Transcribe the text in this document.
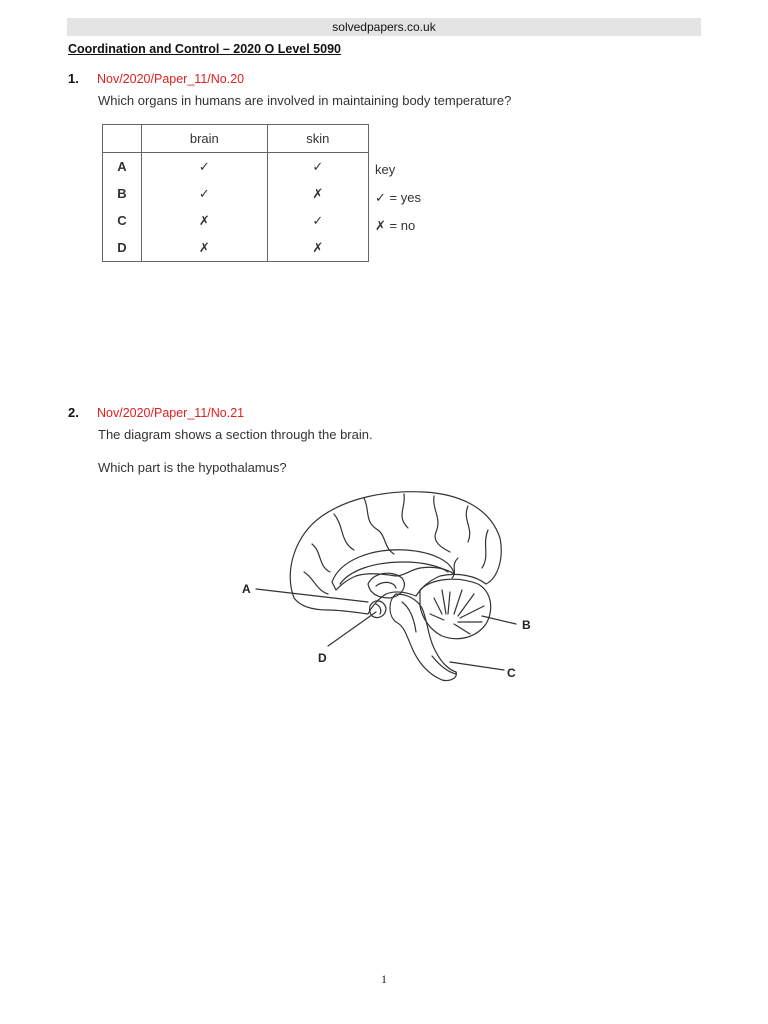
solvedpapers.co.uk
Coordination and Control – 2020 O Level 5090
1. Nov/2020/Paper_11/No.20
Which organs in humans are involved in maintaining body temperature?
	brain	skin
A	✓	✓
B	✓	✗
C	✗	✓
D	✗	✗
key
✓ = yes
✗ = no
2. Nov/2020/Paper_11/No.21
The diagram shows a section through the brain.
Which part is the hypothalamus?
A
B
C
D
1
